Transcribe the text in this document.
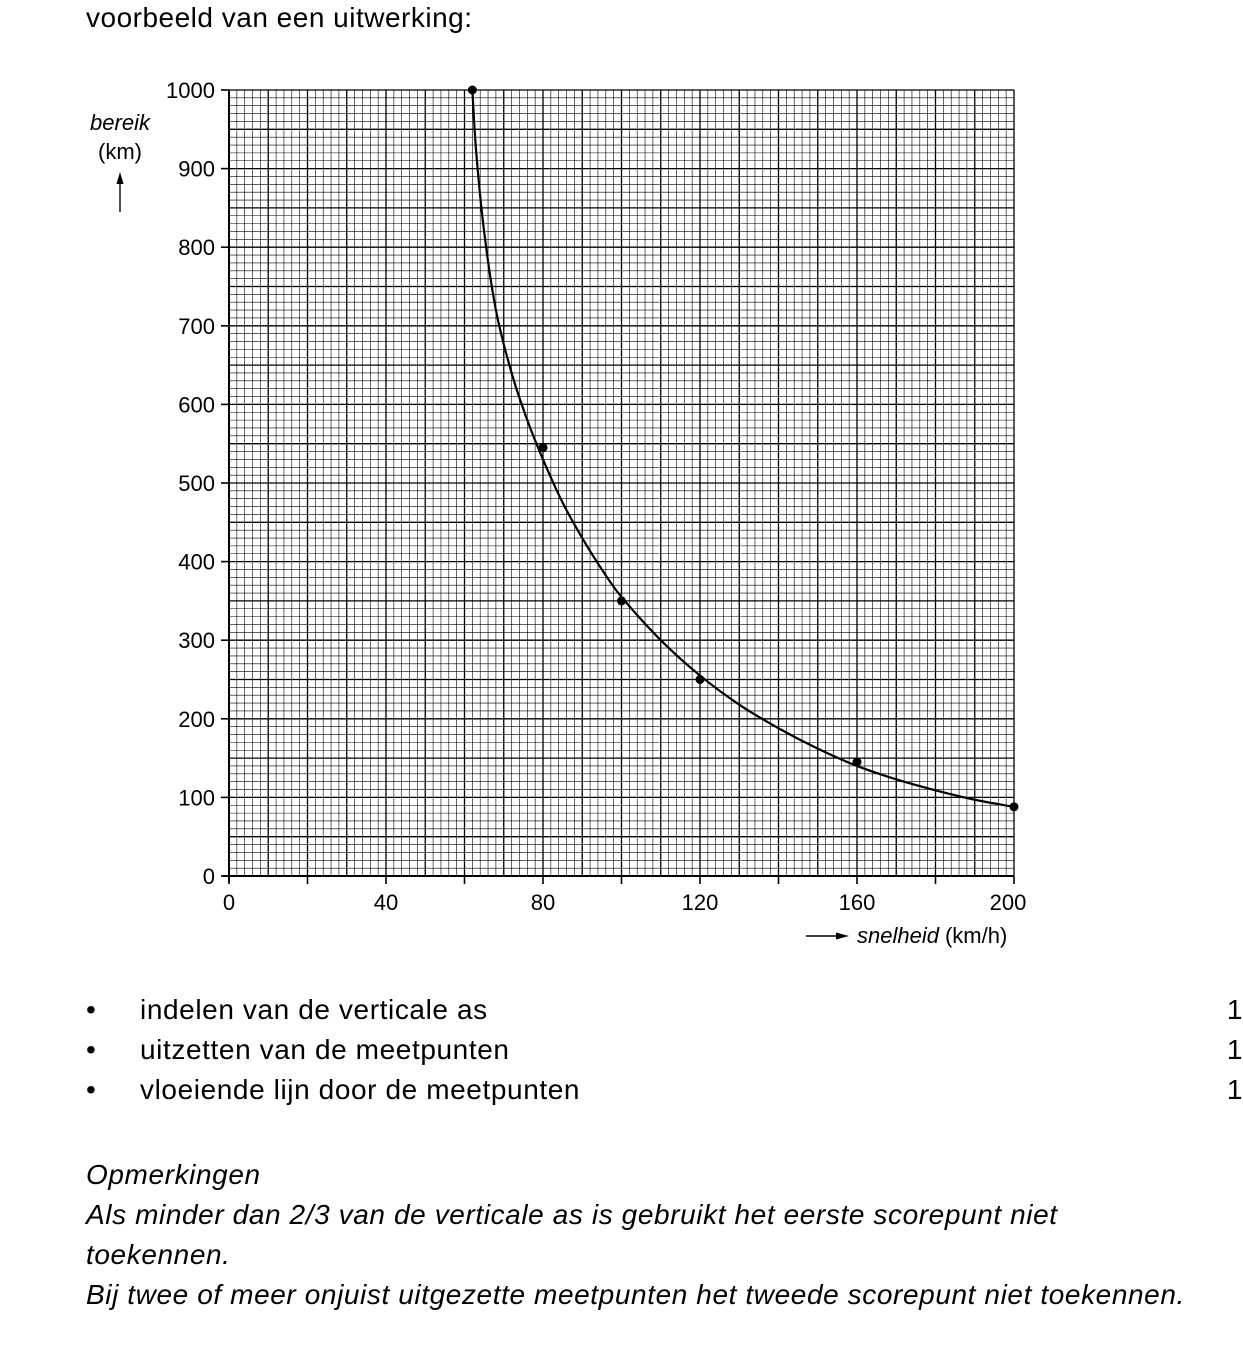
voorbeeld van een uitwerking:
0	40	80	120	160	200
0
100
200
300
400
500
600
700
800
900
1000
bereik
(km)
snelheid (km/h)
• indelen van de verticale as	1
• uitzetten van de meetpunten	1
• vloeiende lijn door de meetpunten	1

Opmerkingen

Als minder dan 2/3 van de verticale as is gebruikt het eerste scorepunt niet toekennen.

Bij twee of meer onjuist uitgezette meetpunten het tweede scorepunt niet toekennen.
